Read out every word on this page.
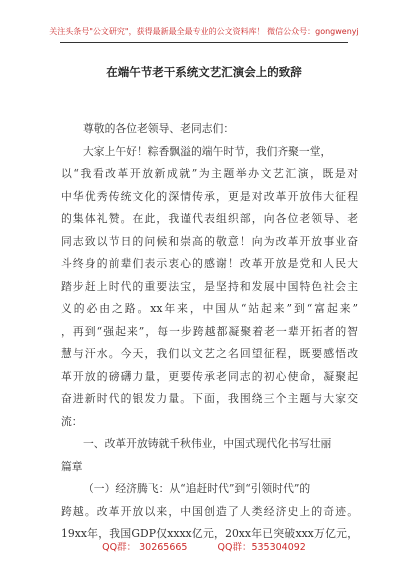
关注头条号"公文研究"，获得最新最全最专业的公文资料库！ 微信公众号：gongwenyj
在端午节老干系统文艺汇演会上的致辞
尊敬的各位老领导、老同志们：
大家上午好！粽香飘溢的端午时节，我们齐聚一堂，
以“我看改革开放新成就”为主题举办文艺汇演，既是对
中华优秀传统文化的深情传承，更是对改革开放伟大征程
的集体礼赞。在此，我谨代表组织部，向各位老领导、老
同志致以节日的问候和崇高的敬意！向为改革开放事业奋
斗终身的前辈们表示衷心的感谢！改革开放是党和人民大
踏步赶上时代的重要法宝，是坚持和发展中国特色社会主
义的必由之路。xx年来，中国从“站起来”到“富起来”
，再到“强起来”，每一步跨越都凝聚着老一辈开拓者的智
慧与汗水。今天，我们以文艺之名回望征程，既要感悟改
革开放的磅礴力量，更要传承老同志的初心使命，凝聚起
奋进新时代的银发力量。下面，我围绕三个主题与大家交
流：
一、改革开放铸就千秋伟业，中国式现代化书写壮丽
篇章
（一）经济腾飞：从“追赶时代”到“引领时代”的
跨越。改革开放以来，中国创造了人类经济史上的奇迹。
19xx年，我国GDP仅xxxx亿元，20xx年已突破xxx万亿元，
QQ群： 30265665	QQ群：535304092
